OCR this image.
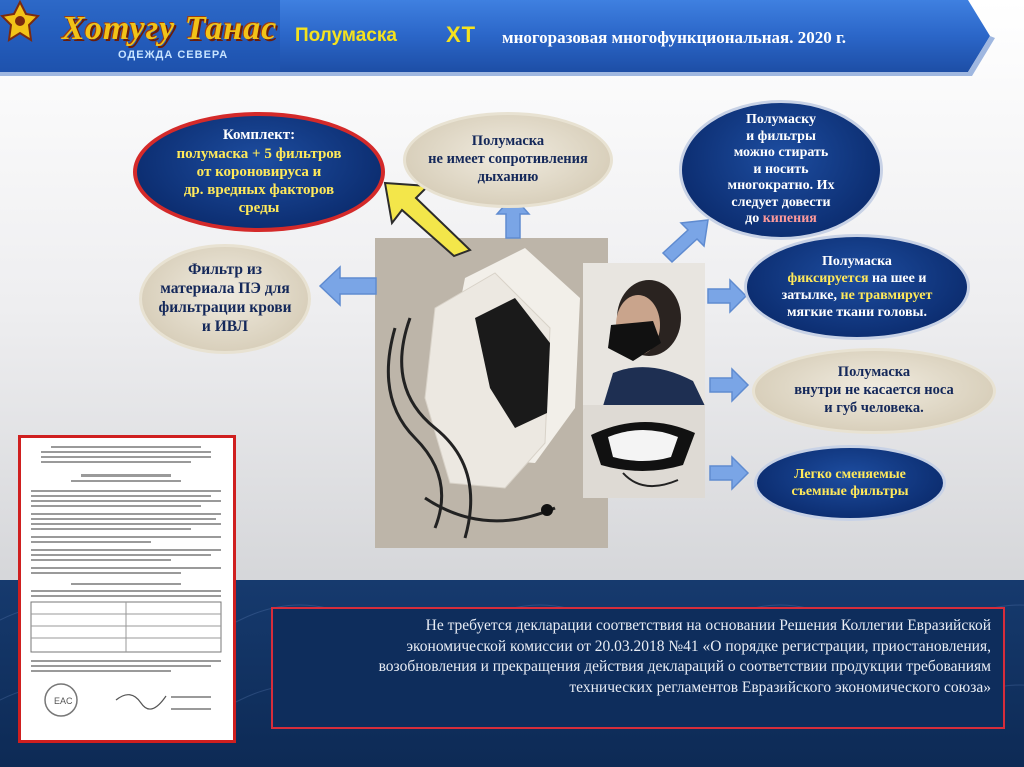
Хотугу Танас
ОДЕЖДА СЕВЕРА
Полумаска ХТ многоразовая многофункциональная. 2020 г.
Комплект:
полумаска + 5 фильтров
от короновируса и
др. вредных факторов
среды
Полумаска
не имеет сопротивления
дыханию
Полумаску
и фильтры
можно стирать
и носить
многократно. Их
следует довести
до кипения
Фильтр из
материала ПЭ для
фильтрации крови
и ИВЛ
Полумаска
фиксируется на шее и
затылке, не травмирует
мягкие ткани головы.
Полумаска
внутри не касается носа
и губ человека.
Легко сменяемые
съемные фильтры
EAC
Не требуется декларации соответствия на основании Решения Коллегии Евразийской
экономической комиссии от 20.03.2018 №41 «О порядке регистрации, приостановления,
возобновления и прекращения действия деклараций о соответствии продукции требованиям
технических регламентов Евразийского экономического союза»
